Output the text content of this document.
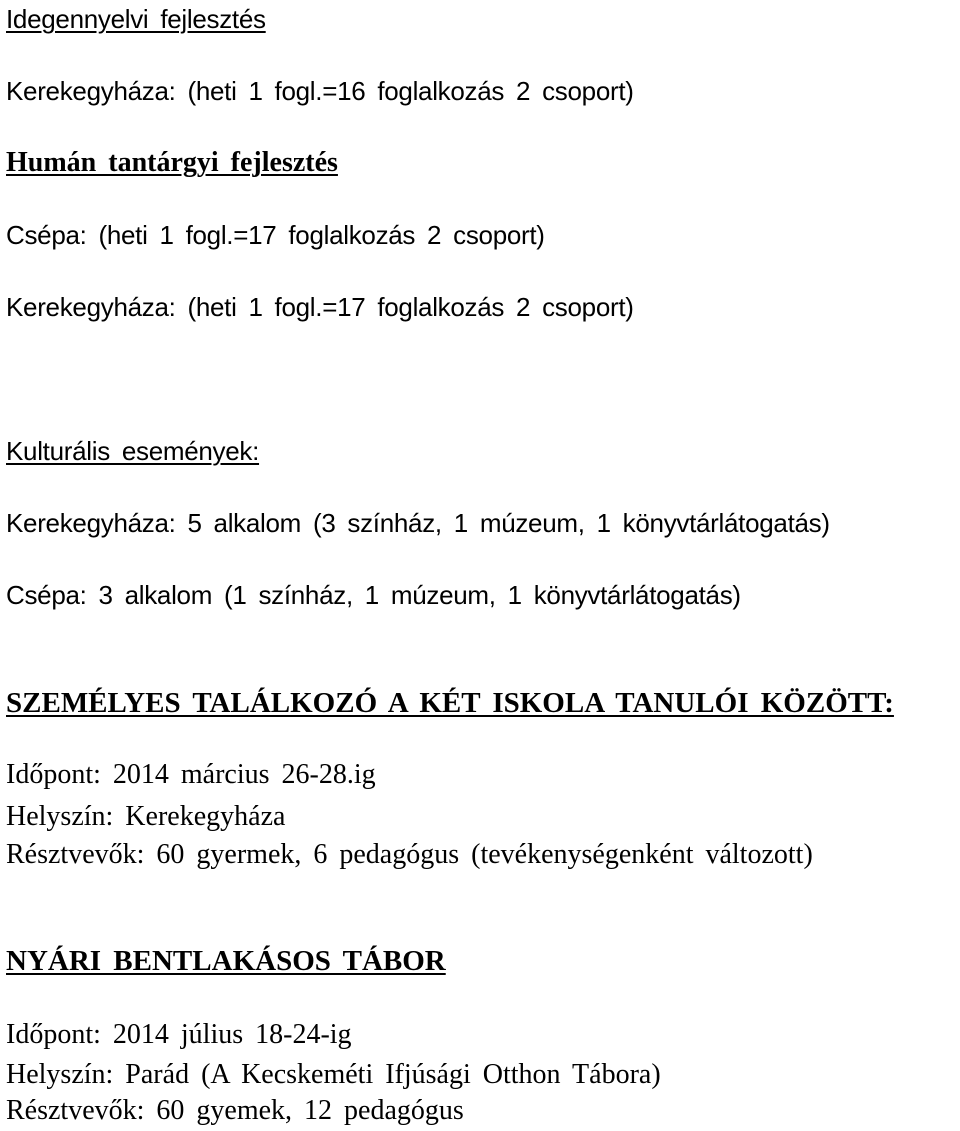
Idegennyelvi fejlesztés
Kerekegyháza: (heti 1 fogl.=16 foglalkozás 2 csoport)
Humán tantárgyi fejlesztés
Csépa: (heti 1 fogl.=17 foglalkozás 2 csoport)
Kerekegyháza: (heti 1 fogl.=17 foglalkozás 2 csoport)
Kulturális események:
Kerekegyháza: 5 alkalom (3 színház, 1 múzeum, 1 könyvtárlátogatás)
Csépa: 3 alkalom (1 színház, 1 múzeum, 1 könyvtárlátogatás)
SZEMÉLYES TALÁLKOZÓ A KÉT ISKOLA TANULÓI KÖZÖTT:
Időpont: 2014 március 26-28.ig
Helyszín: Kerekegyháza
Résztvevők: 60 gyermek, 6 pedagógus (tevékenységenként változott)
NYÁRI BENTLAKÁSOS TÁBOR
Időpont: 2014 július 18-24-ig
Helyszín: Parád (A Kecskeméti Ifjúsági Otthon Tábora)
Résztvevők: 60 gyemek, 12 pedagógus
